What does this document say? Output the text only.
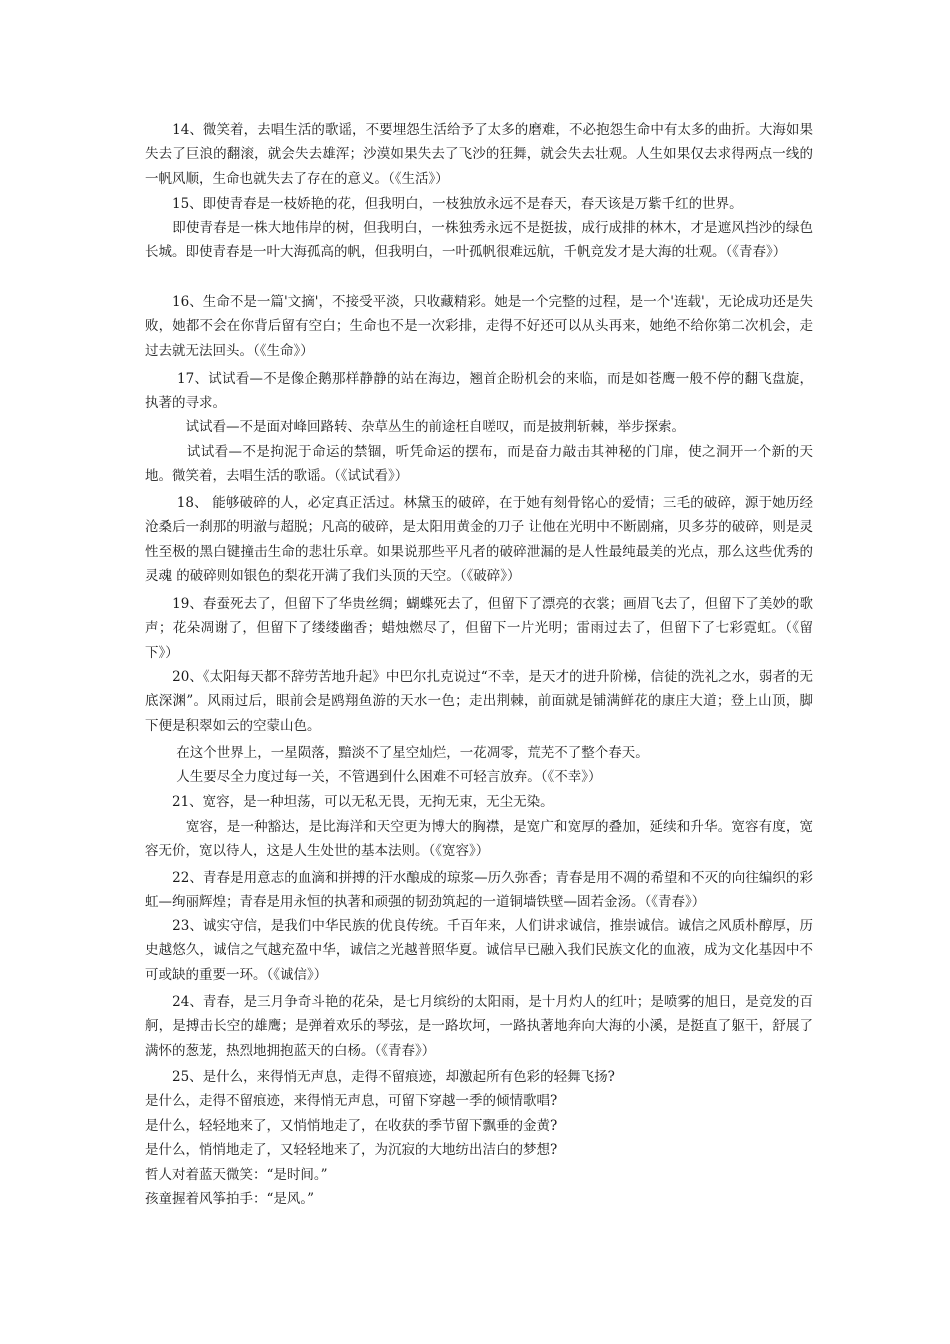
　　14、微笑着，去唱生活的歌谣，不要埋怨生活给予了太多的磨难，不必抱怨生命中有太多的曲折。大海如果失去了巨浪的翻滚，就会失去雄浑；沙漠如果失去了飞沙的狂舞，就会失去壮观。人生如果仅去求得两点一线的一帆风顺，生命也就失去了存在的意义。（《生活》）

　　15、即使青春是一枝娇艳的花，但我明白，一枝独放永远不是春天，春天该是万紫千红的世界。

　　即使青春是一株大地伟岸的树，但我明白，一株独秀永远不是挺拔，成行成排的林木，才是遮风挡沙的绿色长城。即使青春是一叶大海孤高的帆，但我明白，一叶孤帆很难远航，千帆竞发才是大海的壮观。（《青春》）

　　16、生命不是一篇'文摘'，不接受平淡，只收藏精彩。她是一个完整的过程，是一个'连载'，无论成功还是失败，她都不会在你背后留有空白；生命也不是一次彩排，走得不好还可以从头再来，她绝不给你第二次机会，走过去就无法回头。（《生命》）

　　 17、试试看—不是像企鹅那样静静的站在海边，翘首企盼机会的来临，而是如苍鹰一般不停的翻飞盘旋，执著的寻求。

　　　试试看—不是面对峰回路转、杂草丛生的前途枉自嗟叹，而是披荆斩棘，举步探索。

　　　试试看—不是拘泥于命运的禁锢，听凭命运的摆布，而是奋力敲击其神秘的门扉，使之洞开一个新的天地。微笑着，去唱生活的歌谣。（《试试看》）

　　 18、 能够破碎的人，必定真正活过。林黛玉的破碎，在于她有刻骨铭心的爱情；三毛的破碎，源于她历经沧桑后一刹那的明澈与超脱；凡高的破碎，是太阳用黄金的刀子 让他在光明中不断剧痛，贝多芬的破碎，则是灵性至极的黑白键撞击生命的悲壮乐章。如果说那些平凡者的破碎泄漏的是人性最纯最美的光点，那么这些优秀的灵魂 的破碎则如银色的梨花开满了我们头顶的天空。（《破碎》）

　　19、春蚕死去了，但留下了华贵丝绸；蝴蝶死去了，但留下了漂亮的衣裳；画眉飞去了，但留下了美妙的歌声；花朵凋谢了，但留下了缕缕幽香；蜡烛燃尽了，但留下一片光明；雷雨过去了，但留下了七彩霓虹。（《留下》）

　　20、《太阳每天都不辞劳苦地升起》中巴尔扎克说过“不幸，是天才的进升阶梯，信徒的洗礼之水，弱者的无底深渊”。风雨过后，眼前会是鸥翔鱼游的天水一色；走出荆棘，前面就是铺满鲜花的康庄大道；登上山顶，脚下便是积翠如云的空蒙山色。

　　 在这个世界上，一星陨落，黯淡不了星空灿烂，一花凋零，荒芜不了整个春天。

　　 人生要尽全力度过每一关，不管遇到什么困难不可轻言放弃。（《不幸》）

　　21、宽容，是一种坦荡，可以无私无畏，无拘无束，无尘无染。

　　　宽容，是一种豁达，是比海洋和天空更为博大的胸襟，是宽广和宽厚的叠加，延续和升华。宽容有度，宽容无价，宽以待人，这是人生处世的基本法则。（《宽容》）

　　22、青春是用意志的血滴和拼搏的汗水酿成的琼浆—历久弥香；青春是用不凋的希望和不灭的向往编织的彩虹—绚丽辉煌；青春是用永恒的执著和顽强的韧劲筑起的一道铜墙铁壁—固若金汤。（《青春》）

　　23、诚实守信，是我们中华民族的优良传统。千百年来，人们讲求诚信，推崇诚信。诚信之风质朴醇厚，历史越悠久，诚信之气越充盈中华，诚信之光越普照华夏。诚信早已融入我们民族文化的血液，成为文化基因中不可或缺的重要一环。（《诚信》）

　　24、青春，是三月争奇斗艳的花朵，是七月缤纷的太阳雨，是十月灼人的红叶；是喷雾的旭日，是竞发的百舸，是搏击长空的雄鹰；是弹着欢乐的琴弦，是一路坎坷，一路执著地奔向大海的小溪，是挺直了躯干，舒展了满怀的葱茏，热烈地拥抱蓝天的白杨。（《青春》）

　　25、是什么，来得悄无声息，走得不留痕迹，却激起所有色彩的轻舞飞扬?

是什么，走得不留痕迹，来得悄无声息，可留下穿越一季的倾情歌唱?

是什么，轻轻地来了，又悄悄地走了，在收获的季节留下飘垂的金黄?

是什么，悄悄地走了，又轻轻地来了，为沉寂的大地纺出洁白的梦想?

哲人对着蓝天微笑：“是时间。”

孩童握着风筝拍手：“是风。”
